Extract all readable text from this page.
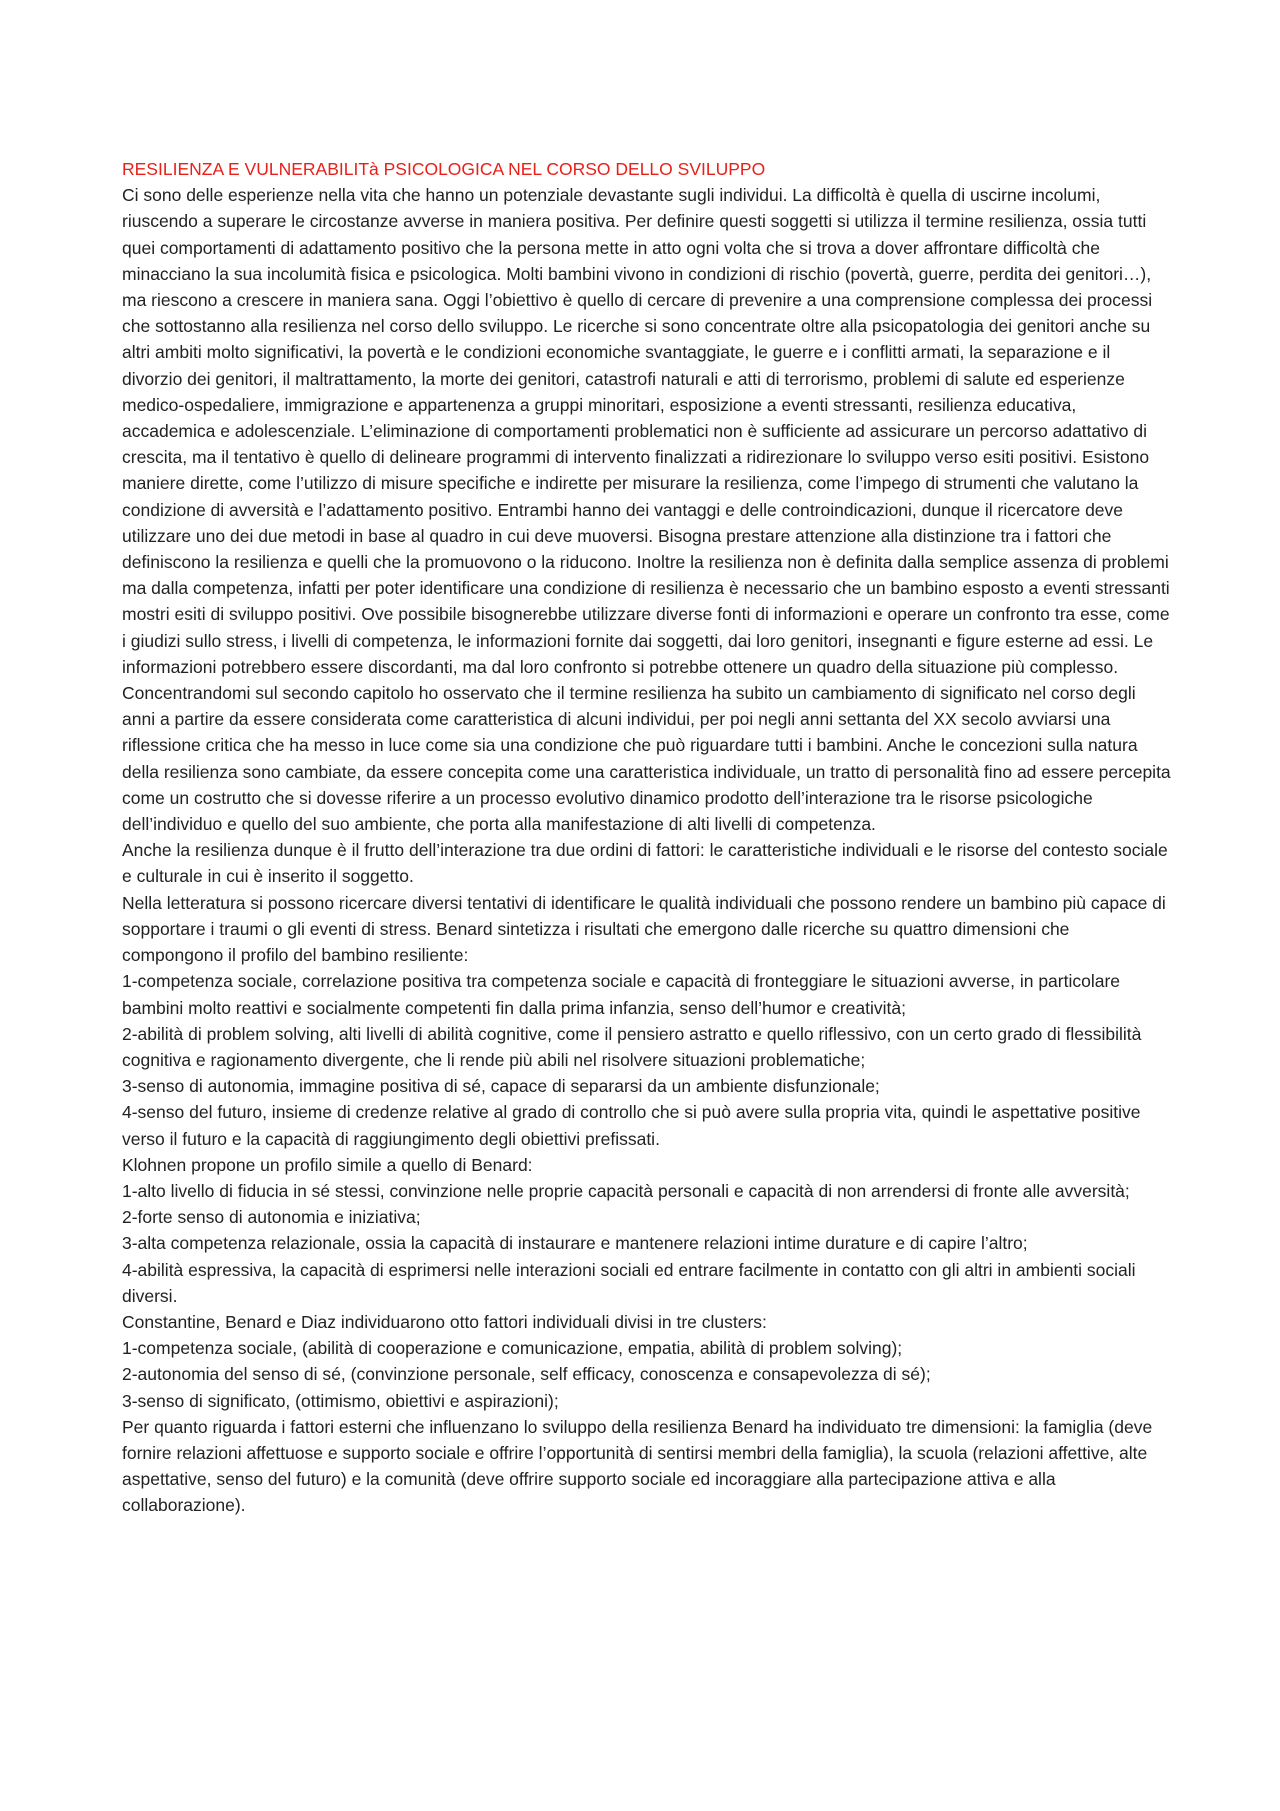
RESILIENZA E VULNERABILITà PSICOLOGICA NEL CORSO DELLO SVILUPPO

Ci sono delle esperienze nella vita che hanno un potenziale devastante sugli individui. La difficoltà è quella di uscirne incolumi, riuscendo a superare le circostanze avverse in maniera positiva. Per definire questi soggetti si utilizza il termine resilienza, ossia tutti quei comportamenti di adattamento positivo che la persona mette in atto ogni volta che si trova a dover affrontare difficoltà che minacciano la sua incolumità fisica e psicologica. Molti bambini vivono in condizioni di rischio (povertà, guerre, perdita dei genitori…), ma riescono a crescere in maniera sana. Oggi l’obiettivo è quello di cercare di prevenire a una comprensione complessa dei processi che sottostanno alla resilienza nel corso dello sviluppo. Le ricerche si sono concentrate oltre alla psicopatologia dei genitori anche su altri ambiti molto significativi, la povertà e le condizioni economiche svantaggiate, le guerre e i conflitti armati, la separazione e il divorzio dei genitori, il maltrattamento, la morte dei genitori, catastrofi naturali e atti di terrorismo, problemi di salute ed esperienze medico-ospedaliere, immigrazione e appartenenza a gruppi minoritari, esposizione a eventi stressanti, resilienza educativa, accademica e adolescenziale. L’eliminazione di comportamenti problematici non è sufficiente ad assicurare un percorso adattativo di crescita, ma il tentativo è quello di delineare programmi di intervento finalizzati a ridirezionare lo sviluppo verso esiti positivi. Esistono maniere dirette, come l’utilizzo di misure specifiche e indirette per misurare la resilienza, come l’impego di strumenti che valutano la condizione di avversità e l’adattamento positivo. Entrambi hanno dei vantaggi e delle controindicazioni, dunque il ricercatore deve utilizzare uno dei due metodi in base al quadro in cui deve muoversi. Bisogna prestare attenzione alla distinzione tra i fattori che definiscono la resilienza e quelli che la promuovono o la riducono. Inoltre la resilienza non è definita dalla semplice assenza di problemi ma dalla competenza, infatti per poter identificare una condizione di resilienza è necessario che un bambino esposto a eventi stressanti mostri esiti di sviluppo positivi. Ove possibile bisognerebbe utilizzare diverse fonti di informazioni e operare un confronto tra esse, come i giudizi sullo stress, i livelli di competenza, le informazioni fornite dai soggetti, dai loro genitori, insegnanti e figure esterne ad essi. Le informazioni potrebbero essere discordanti, ma dal loro confronto si potrebbe ottenere un quadro della situazione più complesso.

Concentrandomi sul secondo capitolo ho osservato che il termine resilienza ha subito un cambiamento di significato nel corso degli anni a partire da essere considerata come caratteristica di alcuni individui, per poi negli anni settanta del XX secolo avviarsi una riflessione critica che ha messo in luce come sia una condizione che può riguardare tutti i bambini. Anche le concezioni sulla natura della resilienza sono cambiate, da essere concepita come una caratteristica individuale, un tratto di personalità fino ad essere percepita come un costrutto che si dovesse riferire a un processo evolutivo dinamico prodotto dell’interazione tra le risorse psicologiche dell’individuo e quello del suo ambiente, che porta alla manifestazione di alti livelli di competenza.

Anche la resilienza dunque è il frutto dell’interazione tra due ordini di fattori: le caratteristiche individuali e le risorse del contesto sociale e culturale in cui è inserito il soggetto.

Nella letteratura si possono ricercare diversi tentativi di identificare le qualità individuali che possono rendere un bambino più capace di sopportare i traumi o gli eventi di stress. Benard sintetizza i risultati che emergono dalle ricerche su quattro dimensioni che compongono il profilo del bambino resiliente:

1-competenza sociale, correlazione positiva tra competenza sociale e capacità di fronteggiare le situazioni avverse, in particolare bambini molto reattivi e socialmente competenti fin dalla prima infanzia, senso dell’humor e creatività;

2-abilità di problem solving, alti livelli di abilità cognitive, come il pensiero astratto e quello riflessivo, con un certo grado di flessibilità cognitiva e ragionamento divergente, che li rende più abili nel risolvere situazioni problematiche;

3-senso di autonomia, immagine positiva di sé, capace di separarsi da un ambiente disfunzionale;

4-senso del futuro, insieme di credenze relative al grado di controllo che si può avere sulla propria vita, quindi le aspettative positive verso il futuro e la capacità di raggiungimento degli obiettivi prefissati.

Klohnen propone un profilo simile a quello di Benard:

1-alto livello di fiducia in sé stessi, convinzione nelle proprie capacità personali e capacità di non arrendersi di fronte alle avversità;

2-forte senso di autonomia e iniziativa;

3-alta competenza relazionale, ossia la capacità di instaurare e mantenere relazioni intime durature e di capire l’altro;

4-abilità espressiva, la capacità di esprimersi nelle interazioni sociali ed entrare facilmente in contatto con gli altri in ambienti sociali diversi.

Constantine, Benard e Diaz individuarono otto fattori individuali divisi in tre clusters:

1-competenza sociale, (abilità di cooperazione e comunicazione, empatia, abilità di problem solving);

2-autonomia del senso di sé, (convinzione personale, self efficacy, conoscenza e consapevolezza di sé);

3-senso di significato, (ottimismo, obiettivi e aspirazioni);

Per quanto riguarda i fattori esterni che influenzano lo sviluppo della resilienza Benard ha individuato tre dimensioni: la famiglia (deve fornire relazioni affettuose e supporto sociale e offrire l’opportunità di sentirsi membri della famiglia), la scuola (relazioni affettive, alte aspettative, senso del futuro) e la comunità (deve offrire supporto sociale ed incoraggiare alla partecipazione attiva e alla collaborazione).
